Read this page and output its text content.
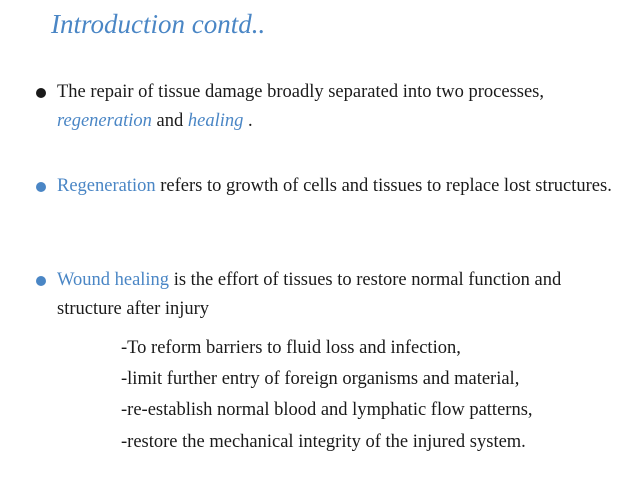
Introduction contd..
The repair of tissue damage broadly separated into two processes, regeneration and healing .
Regeneration refers to growth of cells and tissues to replace lost structures.
Wound healing is the effort of tissues to restore normal function and structure after injury
-To reform barriers to fluid loss and infection,
-limit further entry of foreign organisms and material,
-re-establish normal blood and lymphatic flow patterns,
-restore the mechanical integrity of the injured system.
